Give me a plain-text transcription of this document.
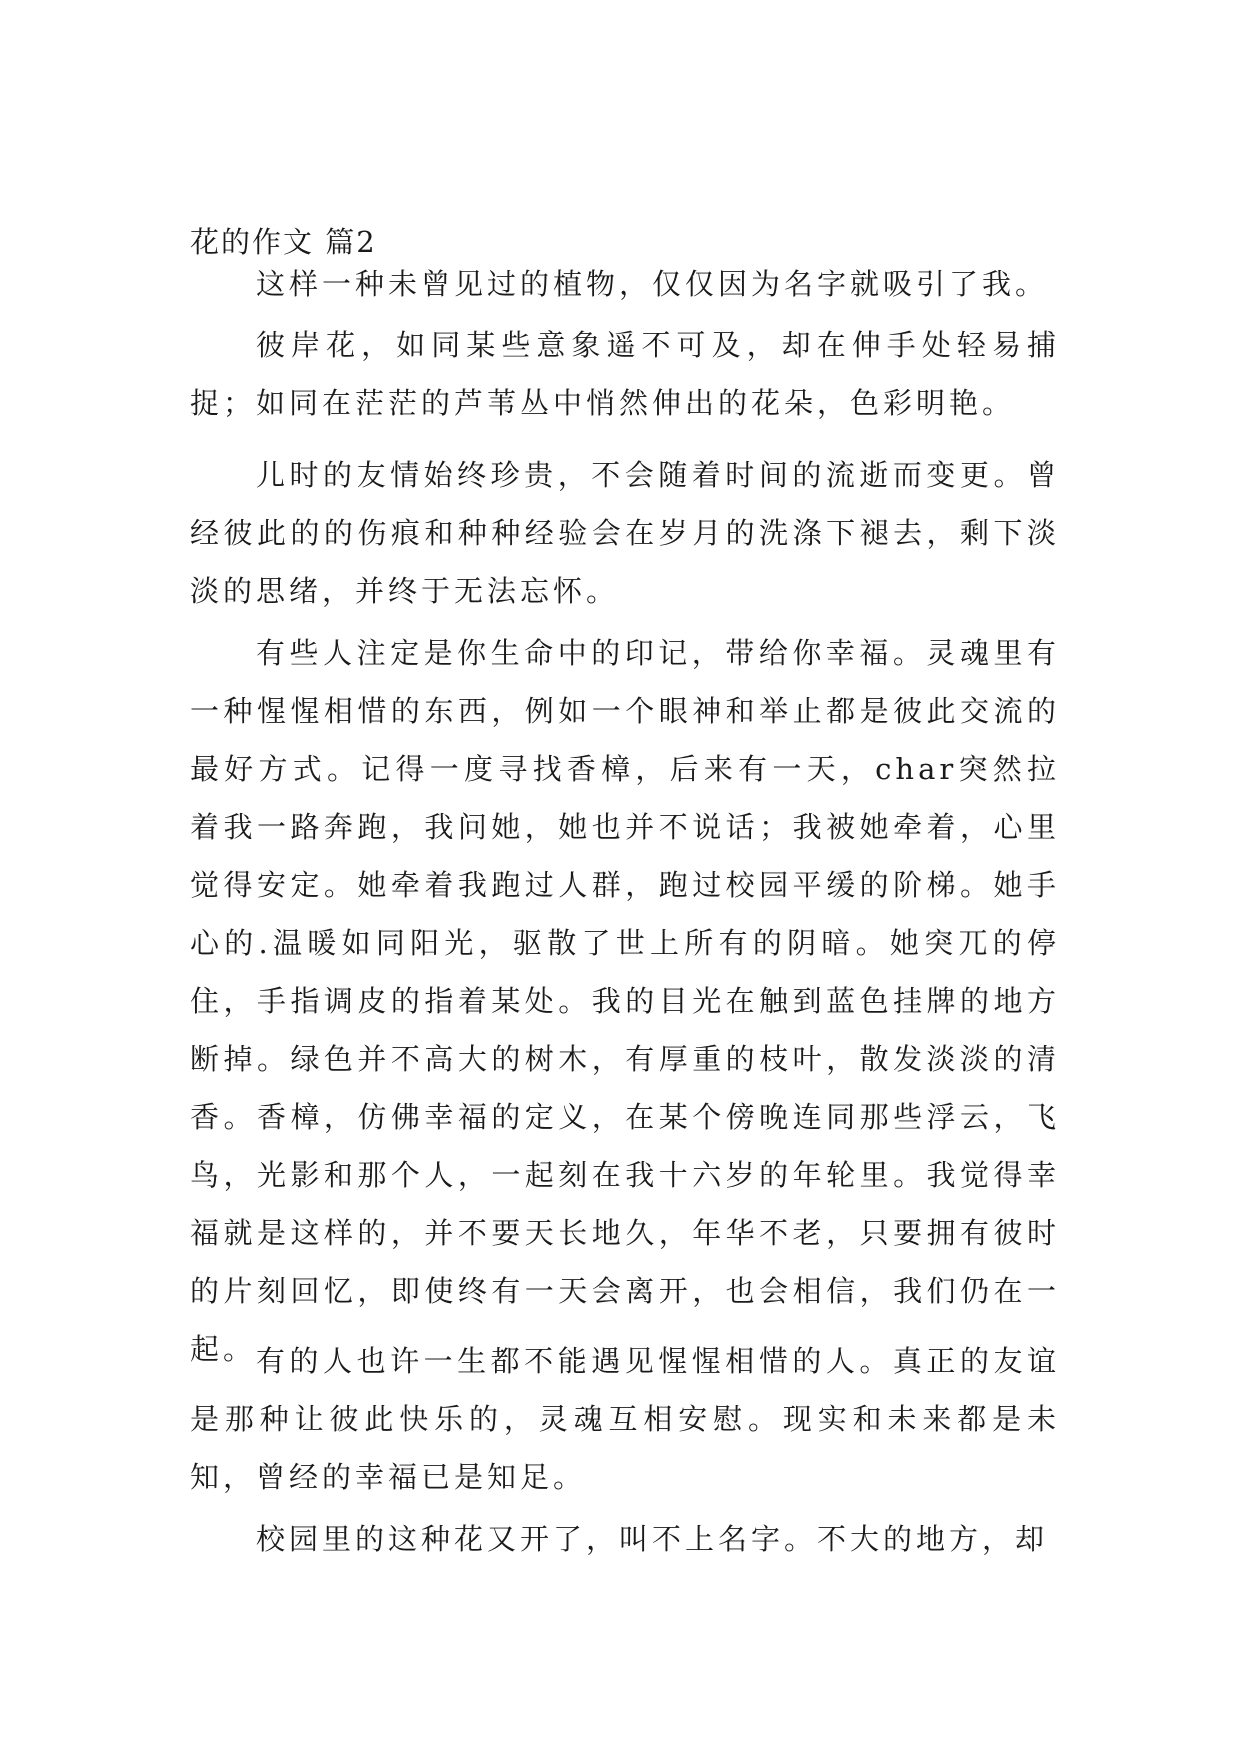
花的作文 篇2

这样一种未曾见过的植物，仅仅因为名字就吸引了我。

彼岸花，如同某些意象遥不可及，却在伸手处轻易捕捉；如同在茫茫的芦苇丛中悄然伸出的花朵，色彩明艳。

儿时的友情始终珍贵，不会随着时间的流逝而变更。曾经彼此的的伤痕和种种经验会在岁月的洗涤下褪去，剩下淡淡的思绪，并终于无法忘怀。

有些人注定是你生命中的印记，带给你幸福。灵魂里有一种惺惺相惜的东西，例如一个眼神和举止都是彼此交流的最好方式。记得一度寻找香樟，后来有一天，char突然拉着我一路奔跑，我问她，她也并不说话；我被她牵着，心里觉得安定。她牵着我跑过人群，跑过校园平缓的阶梯。她手心的.温暖如同阳光，驱散了世上所有的阴暗。她突兀的停住，手指调皮的指着某处。我的目光在触到蓝色挂牌的地方断掉。绿色并不高大的树木，有厚重的枝叶，散发淡淡的清香。香樟，仿佛幸福的定义，在某个傍晚连同那些浮云，飞鸟，光影和那个人，一起刻在我十六岁的年轮里。我觉得幸福就是这样的，并不要天长地久，年华不老，只要拥有彼时的片刻回忆，即使终有一天会离开，也会相信，我们仍在一起。 有的人也许一生都不能遇见惺惺相惜的人。真正的友谊是那种让彼此快乐的，灵魂互相安慰。现实和未来都是未知，曾经的幸福已是知足。

校园里的这种花又开了，叫不上名字。不大的地方，却
